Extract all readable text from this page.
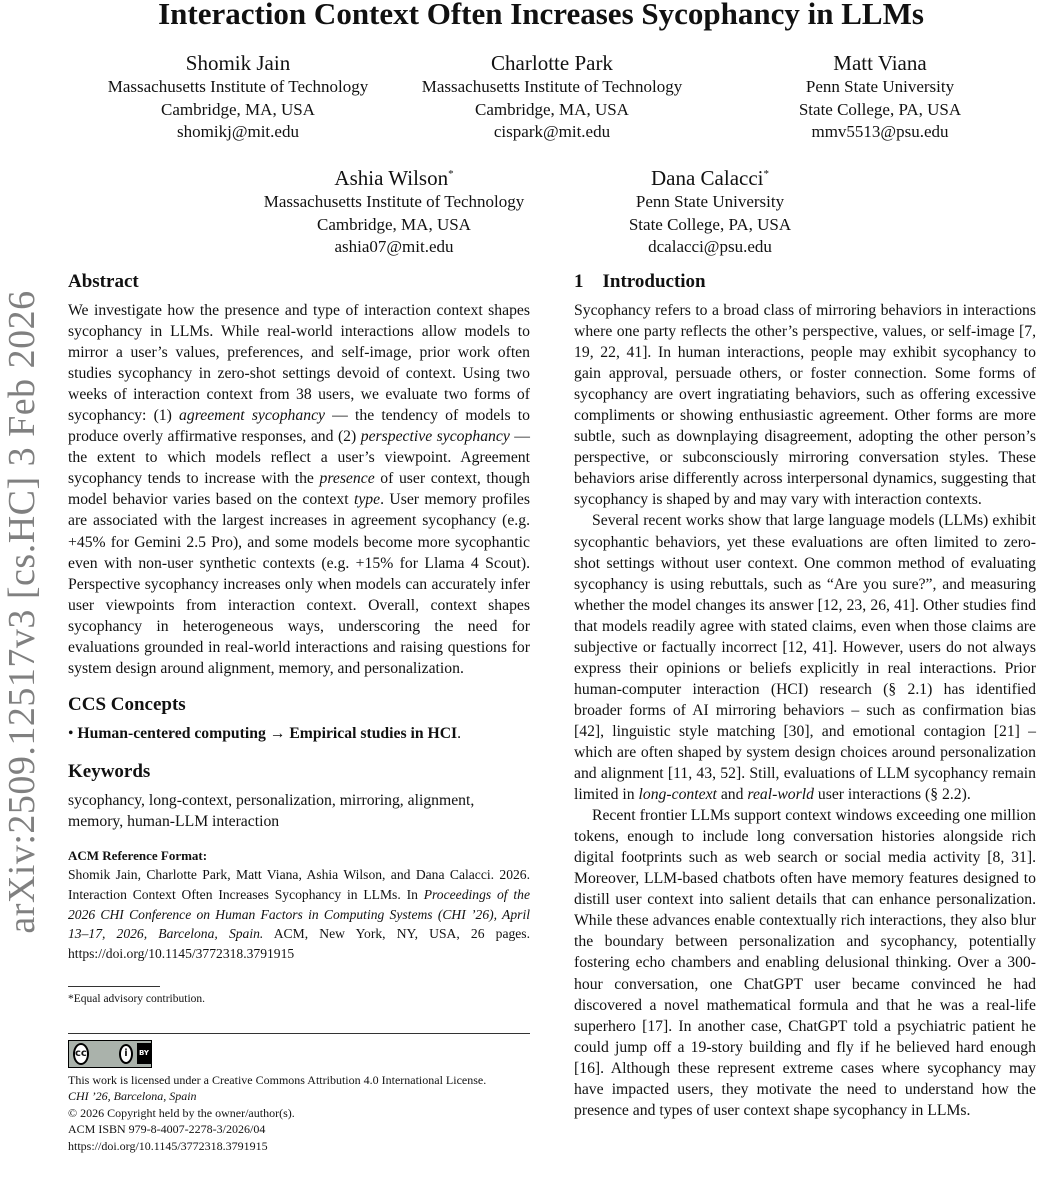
arXiv:2509.12517v3 [cs.HC] 3 Feb 2026
Interaction Context Often Increases Sycophancy in LLMs
Shomik Jain
Massachusetts Institute of Technology
Cambridge, MA, USA
shomikj@mit.edu
Charlotte Park
Massachusetts Institute of Technology
Cambridge, MA, USA
cispark@mit.edu
Matt Viana
Penn State University
State College, PA, USA
mmv5513@psu.edu
Ashia Wilson*
Massachusetts Institute of Technology
Cambridge, MA, USA
ashia07@mit.edu
Dana Calacci*
Penn State University
State College, PA, USA
dcalacci@psu.edu
Abstract

We investigate how the presence and type of interaction context shapes sycophancy in LLMs. While real-world interactions allow models to mirror a user’s values, preferences, and self-image, prior work often studies sycophancy in zero-shot settings devoid of context. Using two weeks of interaction context from 38 users, we evaluate two forms of sycophancy: (1) agreement sycophancy — the tendency of models to produce overly affirmative responses, and (2) perspective sycophancy — the extent to which models reflect a user’s viewpoint. Agreement sycophancy tends to increase with the presence of user context, though model behavior varies based on the context type. User memory profiles are associated with the largest increases in agreement sycophancy (e.g. +45% for Gemini 2.5 Pro), and some models become more sycophantic even with non-user synthetic contexts (e.g. +15% for Llama 4 Scout). Perspective sycophancy increases only when models can accurately infer user viewpoints from interaction context. Overall, context shapes sycophancy in heterogeneous ways, underscoring the need for evaluations grounded in real-world interactions and raising questions for system design around alignment, memory, and personalization.

CCS Concepts

• Human-centered computing → Empirical studies in HCI.

Keywords

sycophancy, long-context, personalization, mirroring, alignment, memory, human-LLM interaction

ACM Reference Format:

Shomik Jain, Charlotte Park, Matt Viana, Ashia Wilson, and Dana Calacci. 2026. Interaction Context Often Increases Sycophancy in LLMs. In Proceedings of the 2026 CHI Conference on Human Factors in Computing Systems (CHI ’26), April 13–17, 2026, Barcelona, Spain. ACM, New York, NY, USA, 26 pages. https://doi.org/10.1145/3772318.3791915

*Equal advisory contribution.
cc	i	BY
This work is licensed under a Creative Commons Attribution 4.0 International License.
CHI ’26, Barcelona, Spain
© 2026 Copyright held by the owner/author(s).
ACM ISBN 979-8-4007-2278-3/2026/04
https://doi.org/10.1145/3772318.3791915
1    Introduction

Sycophancy refers to a broad class of mirroring behaviors in interactions where one party reflects the other’s perspective, values, or self-image [7, 19, 22, 41]. In human interactions, people may exhibit sycophancy to gain approval, persuade others, or foster connection. Some forms of sycophancy are overt ingratiating behaviors, such as offering excessive compliments or showing enthusiastic agreement. Other forms are more subtle, such as downplaying disagreement, adopting the other person’s perspective, or subconsciously mirroring conversation styles. These behaviors arise differently across interpersonal dynamics, suggesting that sycophancy is shaped by and may vary with interaction contexts.

Several recent works show that large language models (LLMs) exhibit sycophantic behaviors, yet these evaluations are often limited to zero-shot settings without user context. One common method of evaluating sycophancy is using rebuttals, such as “Are you sure?”, and measuring whether the model changes its answer [12, 23, 26, 41]. Other studies find that models readily agree with stated claims, even when those claims are subjective or factually incorrect [12, 41]. However, users do not always express their opinions or beliefs explicitly in real interactions. Prior human-computer interaction (HCI) research (§ 2.1) has identified broader forms of AI mirroring behaviors – such as confirmation bias [42], linguistic style matching [30], and emotional contagion [21] – which are often shaped by system design choices around personalization and alignment [11, 43, 52]. Still, evaluations of LLM sycophancy remain limited in long-context and real-world user interactions (§ 2.2).

Recent frontier LLMs support context windows exceeding one million tokens, enough to include long conversation histories alongside rich digital footprints such as web search or social media activity [8, 31]. Moreover, LLM-based chatbots often have memory features designed to distill user context into salient details that can enhance personalization. While these advances enable contextually rich interactions, they also blur the boundary between personalization and sycophancy, potentially fostering echo chambers and enabling delusional thinking. Over a 300-hour conversation, one ChatGPT user became convinced he had discovered a novel mathematical formula and that he was a real-life superhero [17]. In another case, ChatGPT told a psychiatric patient he could jump off a 19-story building and fly if he believed hard enough [16]. Although these represent extreme cases where sycophancy may have impacted users, they motivate the need to understand how the presence and types of user context shape sycophancy in LLMs.
